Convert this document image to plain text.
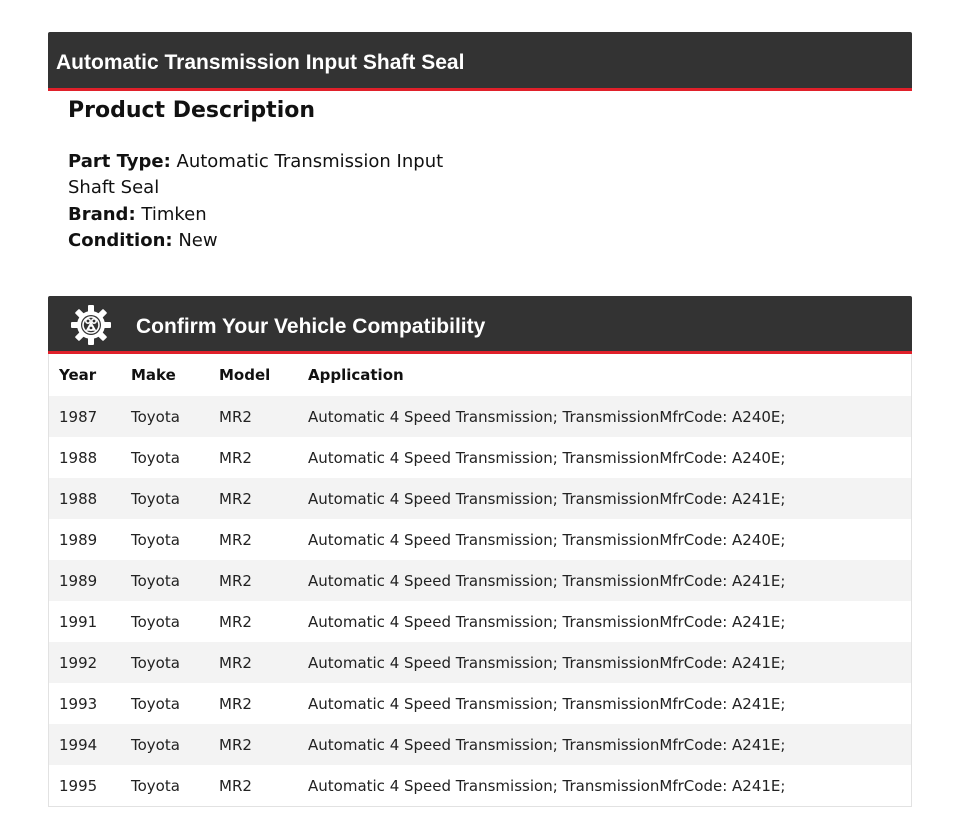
Automatic Transmission Input Shaft Seal
Product Description
Part Type: Automatic Transmission Input Shaft Seal
Brand: Timken
Condition: New
Confirm Your Vehicle Compatibility
Year	Make	Model	Application
1987	Toyota	MR2	Automatic 4 Speed Transmission; TransmissionMfrCode: A240E;
1988	Toyota	MR2	Automatic 4 Speed Transmission; TransmissionMfrCode: A240E;
1988	Toyota	MR2	Automatic 4 Speed Transmission; TransmissionMfrCode: A241E;
1989	Toyota	MR2	Automatic 4 Speed Transmission; TransmissionMfrCode: A240E;
1989	Toyota	MR2	Automatic 4 Speed Transmission; TransmissionMfrCode: A241E;
1991	Toyota	MR2	Automatic 4 Speed Transmission; TransmissionMfrCode: A241E;
1992	Toyota	MR2	Automatic 4 Speed Transmission; TransmissionMfrCode: A241E;
1993	Toyota	MR2	Automatic 4 Speed Transmission; TransmissionMfrCode: A241E;
1994	Toyota	MR2	Automatic 4 Speed Transmission; TransmissionMfrCode: A241E;
1995	Toyota	MR2	Automatic 4 Speed Transmission; TransmissionMfrCode: A241E;
